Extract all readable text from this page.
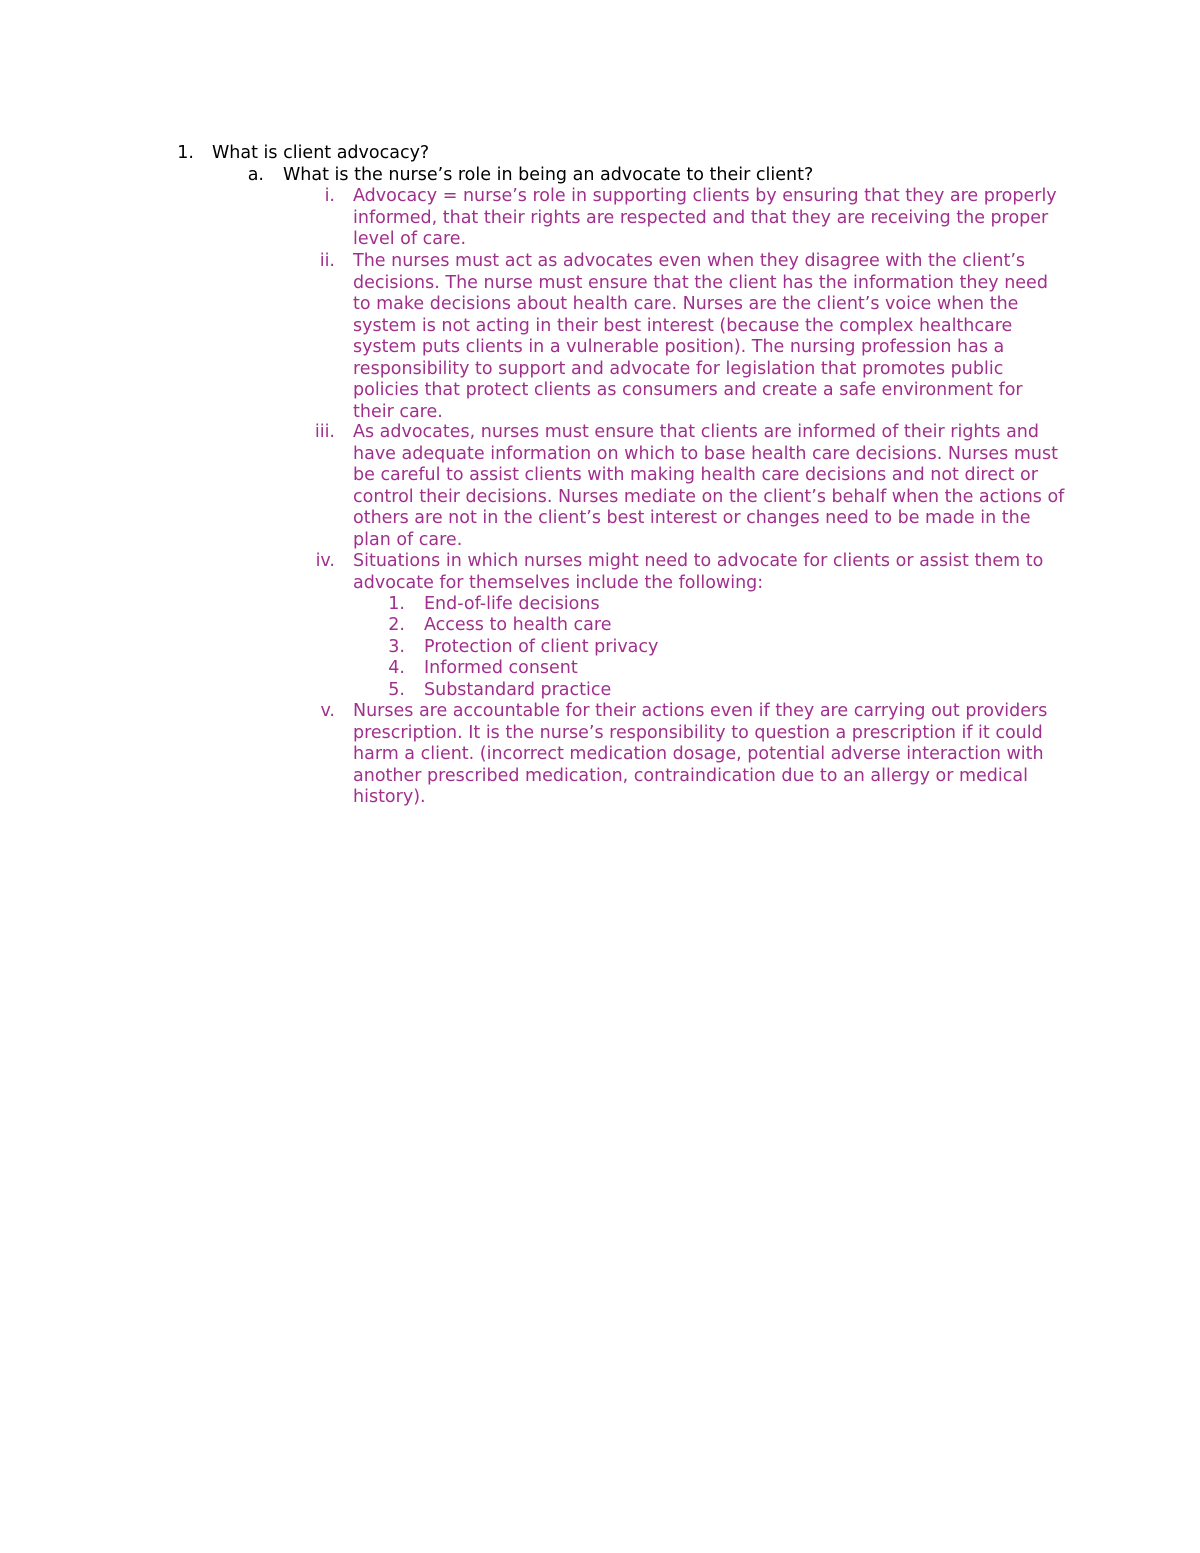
1. What is client advocacy?
a. What is the nurse’s role in being an advocate to their client?
i. Advocacy = nurse’s role in supporting clients by ensuring that they are properly informed, that their rights are respected and that they are receiving the proper level of care.
ii. The nurses must act as advocates even when they disagree with the client’s decisions. The nurse must ensure that the client has the information they need to make decisions about health care. Nurses are the client’s voice when the system is not acting in their best interest (because the complex healthcare system puts clients in a vulnerable position). The nursing profession has a responsibility to support and advocate for legislation that promotes public policies that protect clients as consumers and create a safe environment for their care.
iii. As advocates, nurses must ensure that clients are informed of their rights and have adequate information on which to base health care decisions. Nurses must be careful to assist clients with making health care decisions and not direct or control their decisions. Nurses mediate on the client’s behalf when the actions of others are not in the client’s best interest or changes need to be made in the plan of care.
iv. Situations in which nurses might need to advocate for clients or assist them to advocate for themselves include the following:
1. End-of-life decisions
2. Access to health care
3. Protection of client privacy
4. Informed consent
5. Substandard practice
v. Nurses are accountable for their actions even if they are carrying out providers prescription. It is the nurse’s responsibility to question a prescription if it could harm a client. (incorrect medication dosage, potential adverse interaction with another prescribed medication, contraindication due to an allergy or medical history).
